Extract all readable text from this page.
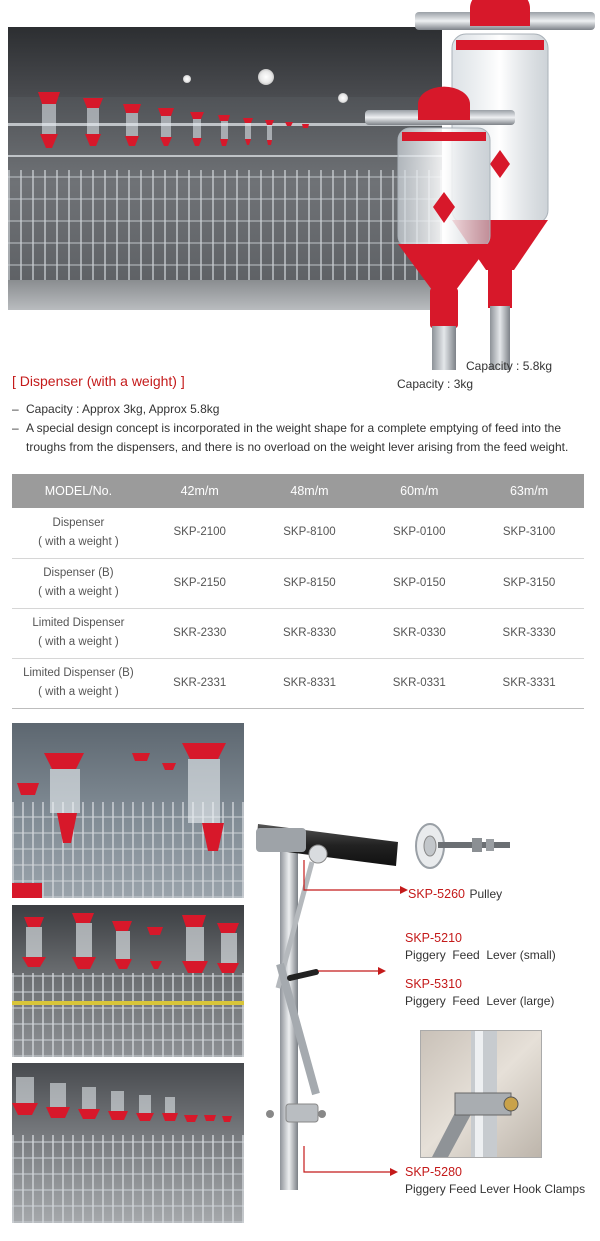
Capacity : 5.8kg
Capacity : 3kg
[ Dispenser (with a weight) ]
– Capacity : Approx 3kg, Approx 5.8kg
– A special design concept is incorporated in the weight shape for a complete emptying of feed into the troughs from the dispensers, and there is no overload on the weight lever arising from the feed weight.
MODEL/No.	42m/m	48m/m	60m/m	63m/m
Dispenser
( with a weight )	SKP-2100	SKP-8100	SKP-0100	SKP-3100
Dispenser (B)
( with a weight )	SKP-2150	SKP-8150	SKP-0150	SKP-3150
Limited Dispenser
( with a weight )	SKR-2330	SKR-8330	SKR-0330	SKR-3330
Limited Dispenser (B)
( with a weight )	SKR-2331	SKR-8331	SKR-0331	SKR-3331
SKP-5260 Pulley
SKP-5210
Piggery  Feed  Lever (small)
SKP-5310
Piggery  Feed  Lever (large)
SKP-5280
Piggery Feed Lever Hook Clamps
